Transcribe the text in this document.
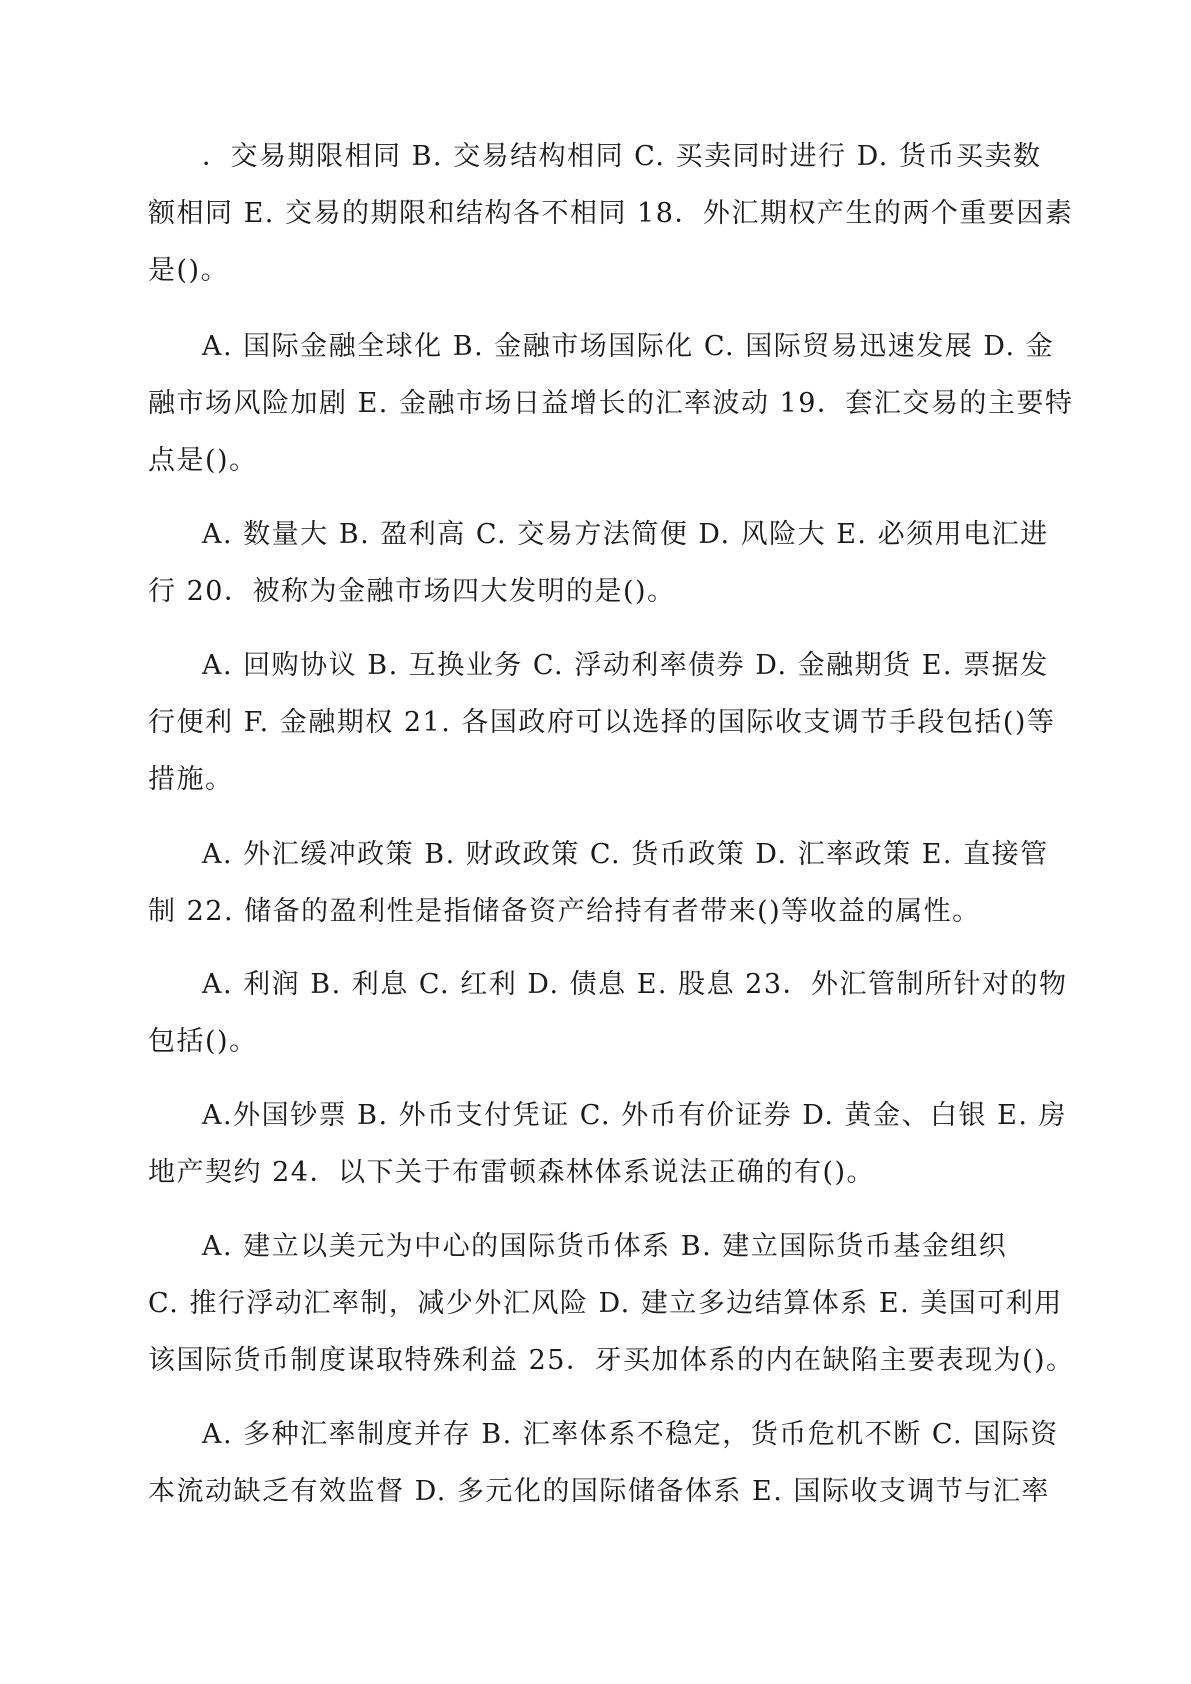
．交易期限相同 B. 交易结构相同 C. 买卖同时进行 D. 货币买卖数
额相同 E. 交易的期限和结构各不相同 18．外汇期权产生的两个重要因素
是()。
A. 国际金融全球化 B. 金融市场国际化 C. 国际贸易迅速发展 D. 金
融市场风险加剧 E. 金融市场日益增长的汇率波动 19．套汇交易的主要特
点是()。
A. 数量大 B. 盈利高 C. 交易方法简便 D. 风险大 E. 必须用电汇进
行 20．被称为金融市场四大发明的是()。
A. 回购协议 B. 互换业务 C. 浮动利率债券 D. 金融期货 E. 票据发
行便利 F. 金融期权 21. 各国政府可以选择的国际收支调节手段包括()等
措施。
A. 外汇缓冲政策 B. 财政政策 C. 货币政策 D. 汇率政策 E. 直接管
制 22. 储备的盈利性是指储备资产给持有者带来()等收益的属性。
A. 利润 B. 利息 C. 红利 D. 债息 E. 股息 23．外汇管制所针对的物
包括()。
A.外国钞票 B. 外币支付凭证 C. 外币有价证券 D. 黄金、白银 E. 房
地产契约 24．以下关于布雷顿森林体系说法正确的有()。
A. 建立以美元为中心的国际货币体系 B. 建立国际货币基金组织
C. 推行浮动汇率制，减少外汇风险 D. 建立多边结算体系 E. 美国可利用
该国际货币制度谋取特殊利益 25．牙买加体系的内在缺陷主要表现为()。
A. 多种汇率制度并存 B. 汇率体系不稳定，货币危机不断 C. 国际资
本流动缺乏有效监督 D. 多元化的国际储备体系 E. 国际收支调节与汇率
